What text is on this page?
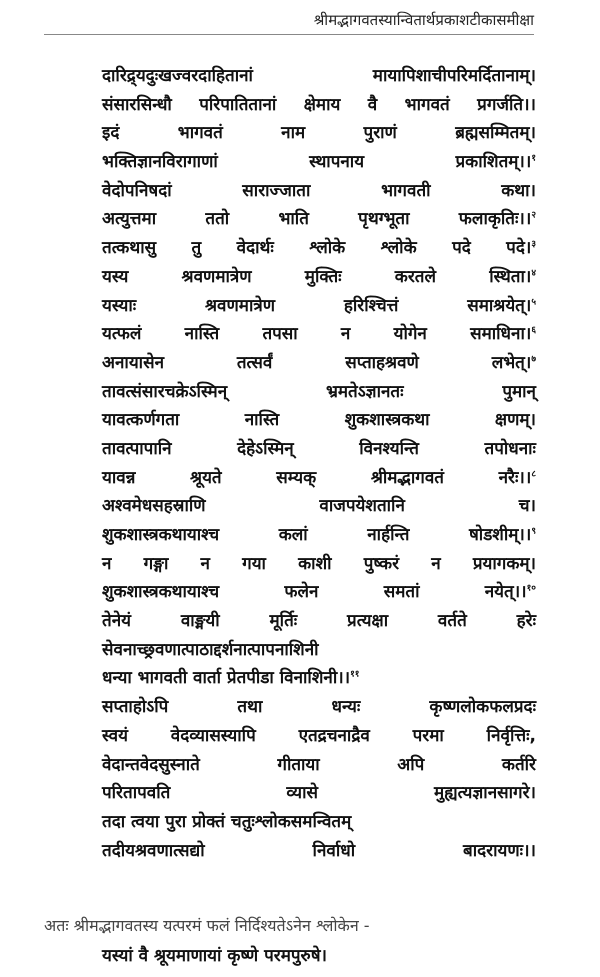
श्रीमद्भागवतस्यान्वितार्थप्रकाशटीकासमीक्षा
दारिद्र्यदुःखज्वरदाहितानां मायापिशाचीपरिमर्दितानाम्।
संसारसिन्धौ परिपातितानां क्षेमाय वै भागवतं प्रगर्जति।।
इदं भागवतं नाम पुराणं ब्रह्मसम्मितम्।
भक्तिज्ञानविरागाणां स्थापनाय प्रकाशितम्।।$^१$
वेदोपनिषदां साराज्जाता भागवती कथा।
अत्युत्तमा ततो भाति पृथग्भूता फलाकृतिः।।$^२$
तत्कथासु तु वेदार्थः श्लोके श्लोके पदे पदे।$^३$
यस्य श्रवणमात्रेण मुक्तिः करतले स्थिता।$^४$
यस्याः श्रवणमात्रेण हरिश्चित्तं समाश्रयेत्।$^५$
यत्फलं नास्ति तपसा न योगेन समाधिना।$^६$
अनायासेन तत्सर्वं सप्ताहश्रवणे लभेत्।$^७$
तावत्संसारचक्रेऽस्मिन् भ्रमतेऽज्ञानतः पुमान्
यावत्कर्णगता नास्ति शुकशास्त्रकथा क्षणम्।
तावत्पापानि देहेऽस्मिन् विनश्यन्ति तपोधनाः
यावन्न श्रूयते सम्यक् श्रीमद्भागवतं नरैः।।$^८$
अश्वमेधसहस्राणि वाजपयेशतानि च।
शुकशास्त्रकथायाश्च कलां नार्हन्ति षोडशीम्।।$^९$
न गङ्गा न गया काशी पुष्करं न प्रयागकम्।
शुकशास्त्रकथायाश्च फलेन समतां नयेत्।।$^{१०}$
तेनेयं वाङ्मयी मूर्तिः प्रत्यक्षा वर्तते हरेः
सेवनाच्छ्रवणात्पाठाद्दर्शनात्पापनाशिनी
धन्या भागवती वार्ता प्रेतपीडा विनाशिनी।।$^{११}$
सप्ताहोऽपि तथा धन्यः कृष्णलोकफलप्रदः
स्वयं वेदव्यासस्यापि एतद्रचनाद्रैव परमा निर्वृत्तिः,
वेदान्तवेदसुस्नाते गीताया अपि कर्तरि
परितापवति व्यासे मुह्यत्यज्ञानसागरे।
तदा त्वया पुरा प्रोक्तं चतुःश्लोकसमन्वितम्
तदीयश्रवणात्सद्यो निर्वाधो बादरायणः।।
अतः श्रीमद्भागवतस्य यत्परमं फलं निर्दिश्यतेऽनेन श्लोकेन -
यस्यां वै श्रूयमाणायां कृष्णे परमपुरुषे।
